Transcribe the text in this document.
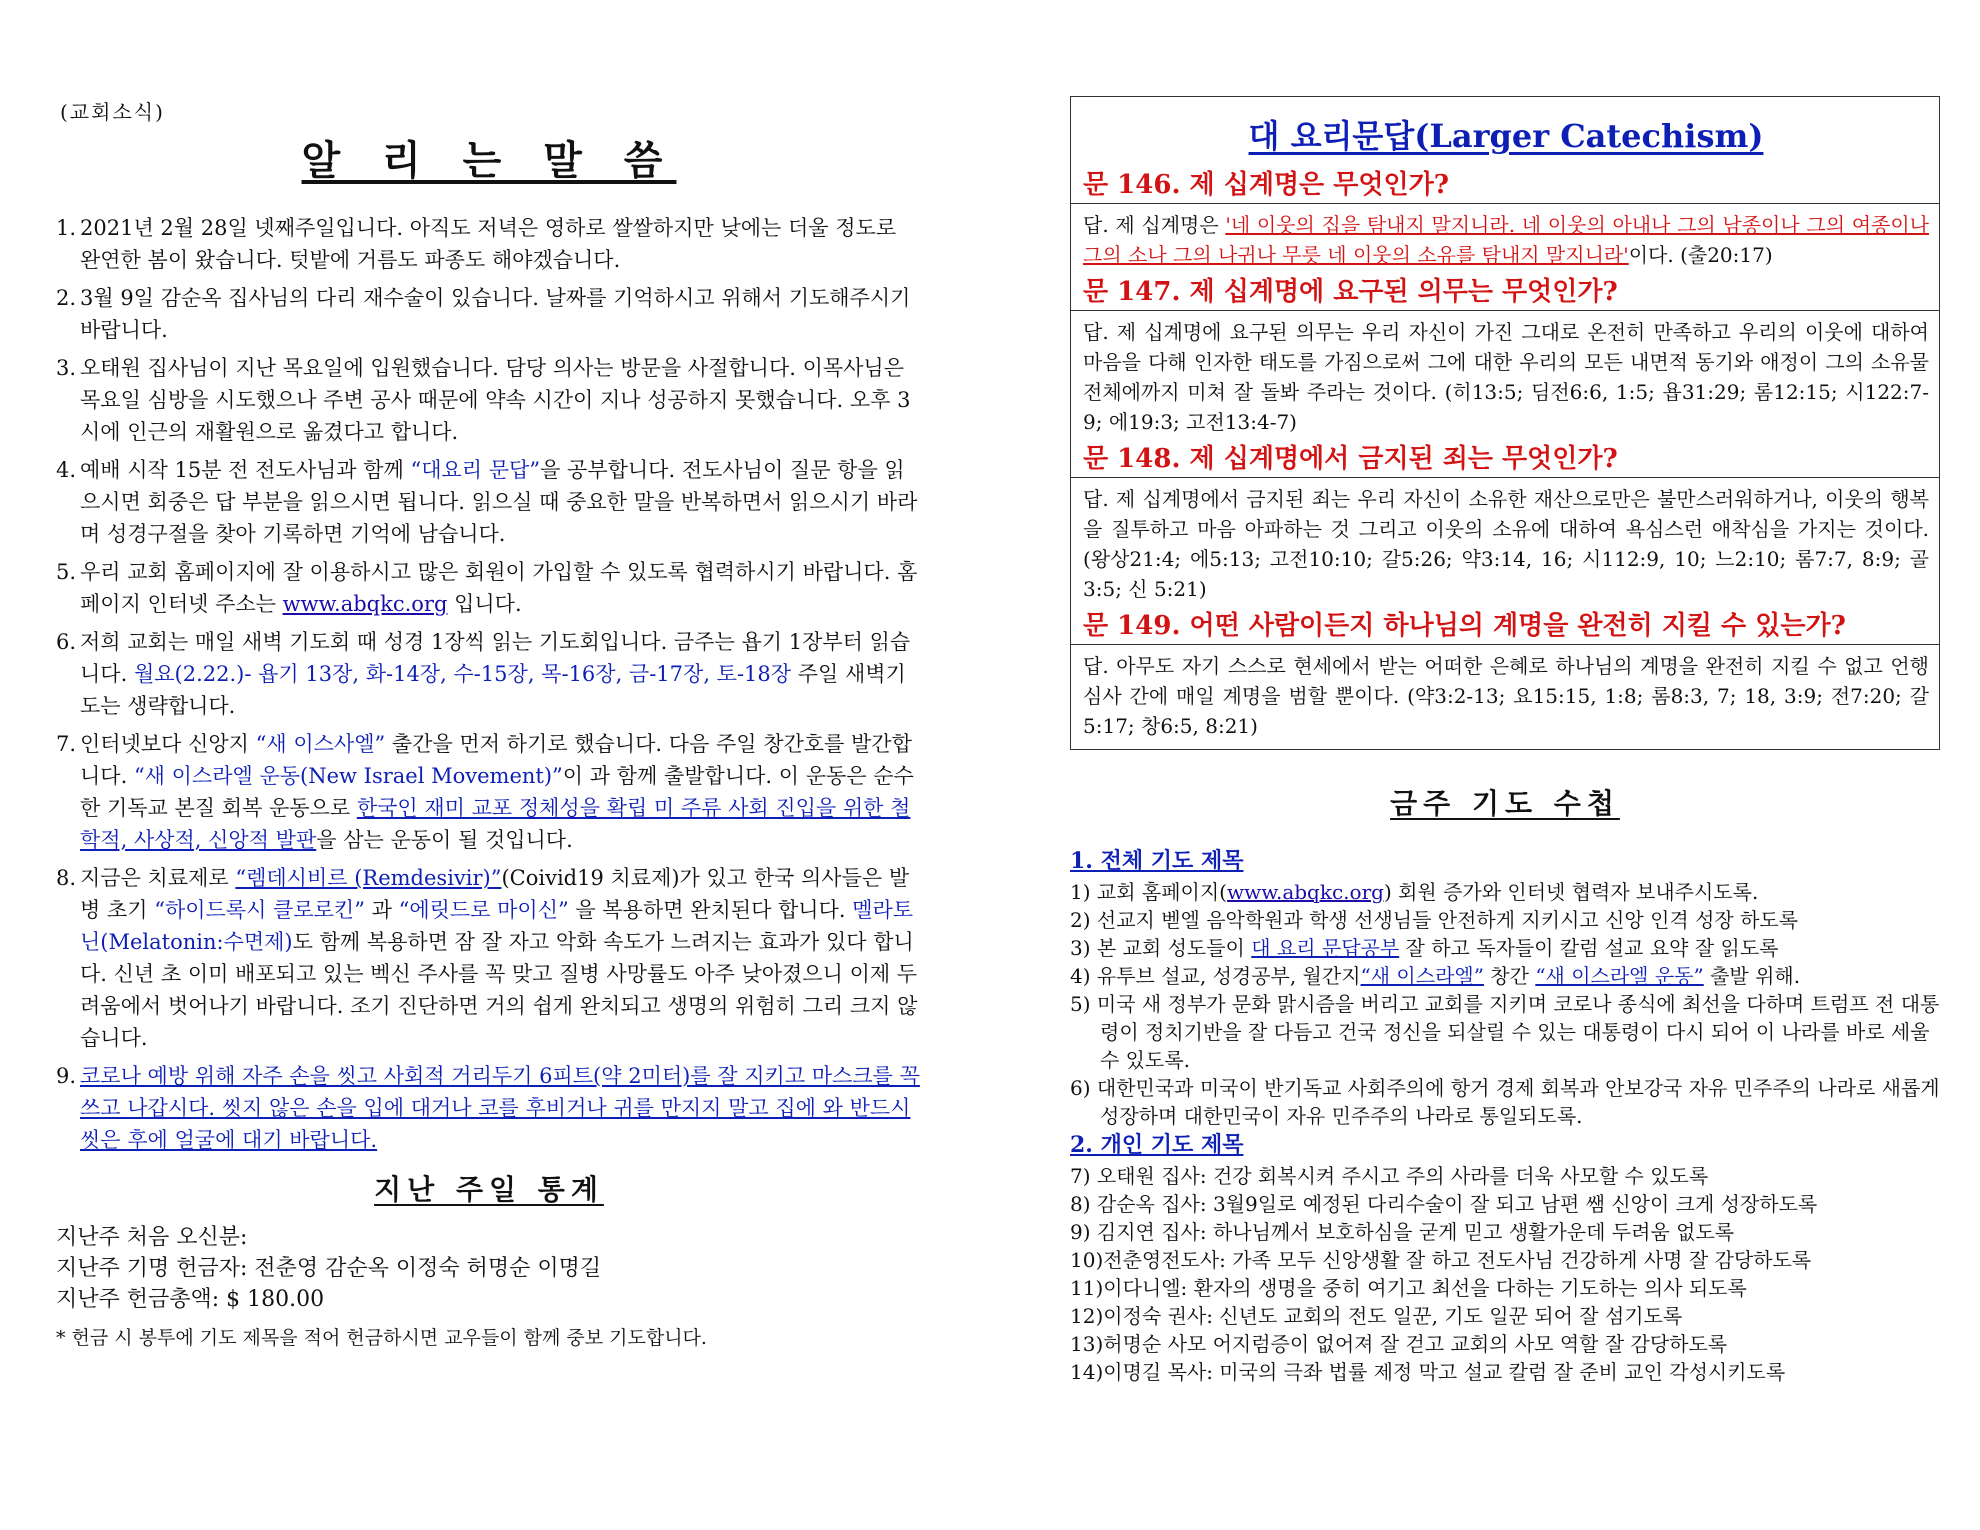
(교회소식)

알 리 는 말 씀

1. 2021년 2월 28일 넷째주일입니다. 아직도 저녁은 영하로 쌀쌀하지만 낮에는 더울 정도로 완연한 봄이 왔습니다. 텃밭에 거름도 파종도 해야겠습니다.

2. 3월 9일 감순옥 집사님의 다리 재수술이 있습니다. 날짜를 기억하시고 위해서 기도해주시기 바랍니다.

3. 오태원 집사님이 지난 목요일에 입원했습니다. 담당 의사는 방문을 사절합니다. 이목사님은 목요일 심방을 시도했으나 주변 공사 때문에 약속 시간이 지나 성공하지 못했습니다. 오후 3시에 인근의 재활원으로 옮겼다고 합니다.

4. 예배 시작 15분 전 전도사님과 함께 “대요리 문답”을 공부합니다. 전도사님이 질문 항을 읽으시면 회중은 답 부분을 읽으시면 됩니다. 읽으실 때 중요한 말을 반복하면서 읽으시기 바라며 성경구절을 찾아 기록하면 기억에 남습니다.

5. 우리 교회 홈페이지에 잘 이용하시고 많은 회원이 가입할 수 있도록 협력하시기 바랍니다. 홈페이지 인터넷 주소는 www.abqkc.org 입니다.

6. 저희 교회는 매일 새벽 기도회 때 성경 1장씩 읽는 기도회입니다. 금주는 욥기 1장부터 읽습니다. 월요(2.22.)- 욥기 13장, 화-14장, 수-15장, 목-16장, 금-17장, 토-18장 주일 새벽기도는 생략합니다.

7. 인터넷보다 신앙지 “새 이스사엘” 출간을 먼저 하기로 했습니다. 다음 주일 창간호를 발간합니다. “새 이스라엘 운동(New Israel Movement)”이 과 함께 출발합니다. 이 운동은 순수한 기독교 본질 회복 운동으로 한국인 재미 교포 정체성을 확립 미 주류 사회 진입을 위한 철학적, 사상적, 신앙적 발판을 삼는 운동이 될 것입니다.

8. 지금은 치료제로 “렘데시비르 (Remdesivir)”(Coivid19 치료제)가 있고 한국 의사들은 발병 초기 “하이드록시 클로로킨” 과 “에릿드로 마이신” 을 복용하면 완치된다 합니다. 멜라토닌(Melatonin:수면제)도 함께 복용하면 잠 잘 자고 악화 속도가 느려지는 효과가 있다 합니다. 신년 초 이미 배포되고 있는 벡신 주사를 꼭 맞고 질병 사망률도 아주 낮아졌으니 이제 두려움에서 벗어나기 바랍니다. 조기 진단하면 거의 쉽게 완치되고 생명의 위험히 그리 크지 않습니다.

9. 코로나 예방 위해 자주 손을 씻고 사회적 거리두기 6피트(약 2미터)를 잘 지키고 마스크를 꼭 쓰고 나갑시다. 씻지 않은 손을 입에 대거나 코를 후비거나 귀를 만지지 말고 집에 와 반드시 씻은 후에 얼굴에 대기 바랍니다.

지난 주일 통계

지난주 처음 오신분:

지난주 기명 헌금자: 전춘영 감순옥 이정숙 허명순 이명길

지난주 헌금총액: $ 180.00

* 헌금 시 봉투에 기도 제목을 적어 헌금하시면 교우들이 함께 중보 기도합니다.

대 요리문답(Larger Catechism)
문 146. 제 십계명은 무엇인가?

답. 제 십계명은 '네 이웃의 집을 탐내지 말지니라. 네 이웃의 아내나 그의 남종이나 그의 여종이나 그의 소나 그의 나귀나 무릇 네 이웃의 소유를 탐내지 말지니라'이다. (출20:17)

문 147. 제 십계명에 요구된 의무는 무엇인가?

답. 제 십계명에 요구된 의무는 우리 자신이 가진 그대로 온전히 만족하고 우리의 이웃에 대하여 마음을 다해 인자한 태도를 가짐으로써 그에 대한 우리의 모든 내면적 동기와 애정이 그의 소유물 전체에까지 미쳐 잘 돌봐 주라는 것이다. (히13:5; 딤전6:6, 1:5; 욥31:29; 롬12:15; 시122:7-9; 에19:3; 고전13:4-7)

문 148. 제 십계명에서 금지된 죄는 무엇인가?

답. 제 십계명에서 금지된 죄는 우리 자신이 소유한 재산으로만은 불만스러워하거나, 이웃의 행복을 질투하고 마음 아파하는 것 그리고 이웃의 소유에 대하여 욕심스런 애착심을 가지는 것이다. (왕상21:4; 에5:13; 고전10:10; 갈5:26; 약3:14, 16; 시112:9, 10; 느2:10; 롬7:7, 8:9; 골3:5; 신 5:21)

문 149. 어떤 사람이든지 하나님의 계명을 완전히 지킬 수 있는가?

답. 아무도 자기 스스로 현세에서 받는 어떠한 은혜로 하나님의 계명을 완전히 지킬 수 없고 언행심사 간에 매일 계명을 범할 뿐이다. (약3:2-13; 요15:15, 1:8; 롬8:3, 7; 18, 3:9; 전7:20; 갈5:17; 창6:5, 8:21)

금주 기도 수첩

1. 전체 기도 제목

1) 교회 홈페이지(www.abqkc.org) 회원 증가와 인터넷 협력자 보내주시도록.

2) 선교지 벧엘 음악학원과 학생 선생님들 안전하게 지키시고 신앙 인격 성장 하도록

3) 본 교회 성도들이 대 요리 문답공부 잘 하고 독자들이 칼럼 설교 요약 잘 읽도록

4) 유투브 설교, 성경공부, 월간지“새 이스라엘” 창간 “새 이스라엘 운동” 출발 위해.

5) 미국 새 정부가 문화 맑시즘을 버리고 교회를 지키며 코로나 종식에 최선을 다하며 트럼프 전 대통령이 정치기반을 잘 다듬고 건국 정신을 되살릴 수 있는 대통령이 다시 되어 이 나라를 바로 세울 수 있도록.

6) 대한민국과 미국이 반기독교 사회주의에 항거 경제 회복과 안보강국 자유 민주주의 나라로 새롭게 성장하며 대한민국이 자유 민주주의 나라로 통일되도록.

2. 개인 기도 제목

7) 오태원 집사: 건강 회복시켜 주시고 주의 사라를 더욱 사모할 수 있도록

8) 감순옥 집사: 3월9일로 예정된 다리수술이 잘 되고 남편 쌤 신앙이 크게 성장하도록

9) 김지연 집사: 하나님께서 보호하심을 굳게 믿고 생활가운데 두려움 없도록

10)전춘영전도사: 가족 모두 신앙생활 잘 하고 전도사님 건강하게 사명 잘 감당하도록

11)이다니엘: 환자의 생명을 중히 여기고 최선을 다하는 기도하는 의사 되도록

12)이정숙 권사: 신년도 교회의 전도 일꾼, 기도 일꾼 되어 잘 섬기도록

13)허명순 사모 어지럼증이 없어져 잘 걷고 교회의 사모 역할 잘 감당하도록

14)이명길 목사: 미국의 극좌 법률 제정 막고 설교 칼럼 잘 준비 교인 각성시키도록
